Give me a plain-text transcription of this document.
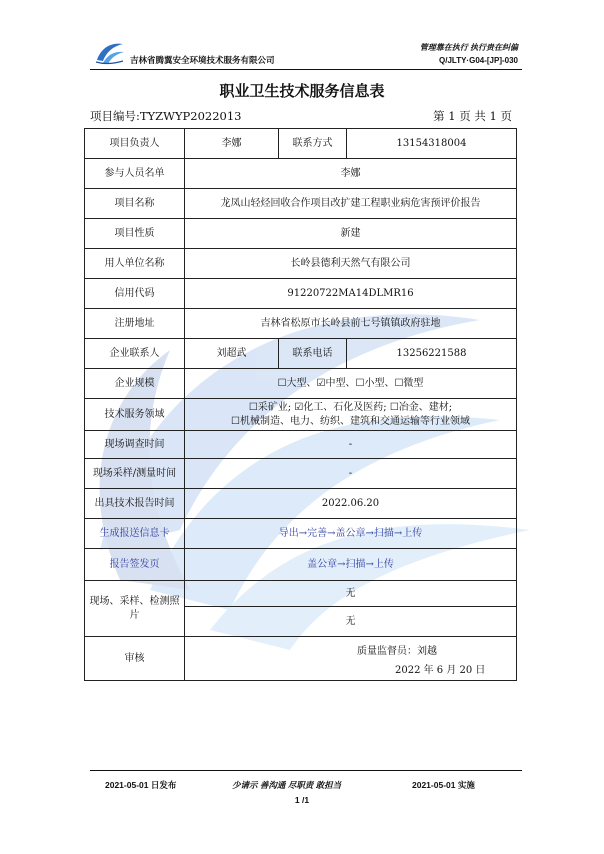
吉林省腾翼安全环境技术服务有限公司
管理靠在执行 执行贵在纠偏
Q/JLTY·G04-[JP]-030
职业卫生技术服务信息表
项目编号:TYZWYP2022013	第 1 页 共 1 页
项目负责人	李娜	联系方式	13154318004
参与人员名单	李娜		
项目名称	龙凤山轻烃回收合作项目改扩建工程职业病危害预评价报告		
项目性质	新建		
用人单位名称	长岭县德利天然气有限公司		
信用代码	91220722MA14DLMR16		
注册地址	吉林省松原市长岭县前七号镇镇政府驻地		
企业联系人	刘超武	联系电话	13256221588
企业规模	☐大型、☑中型、☐小型、☐微型		
技术服务领域	☐采矿业; ☑化工、石化及医药; ☐冶金、建材;
☐机械制造、电力、纺织、建筑和交通运输等行业领域		

现场调查时间	-		
现场采样/测量时间	-		
出具技术报告时间	2022.06.20		
生成报送信息卡	导出→完善→盖公章→扫描→上传		
报告签发页	盖公章→扫描→上传		
现场、采样、检测照片	无		
	无		
审核	质量监督员：刘越
2022 年 6 月 20 日		
2021-05-01 日发布	少请示 善沟通 尽职责 敢担当	2021-05-01 实施
1 /1
